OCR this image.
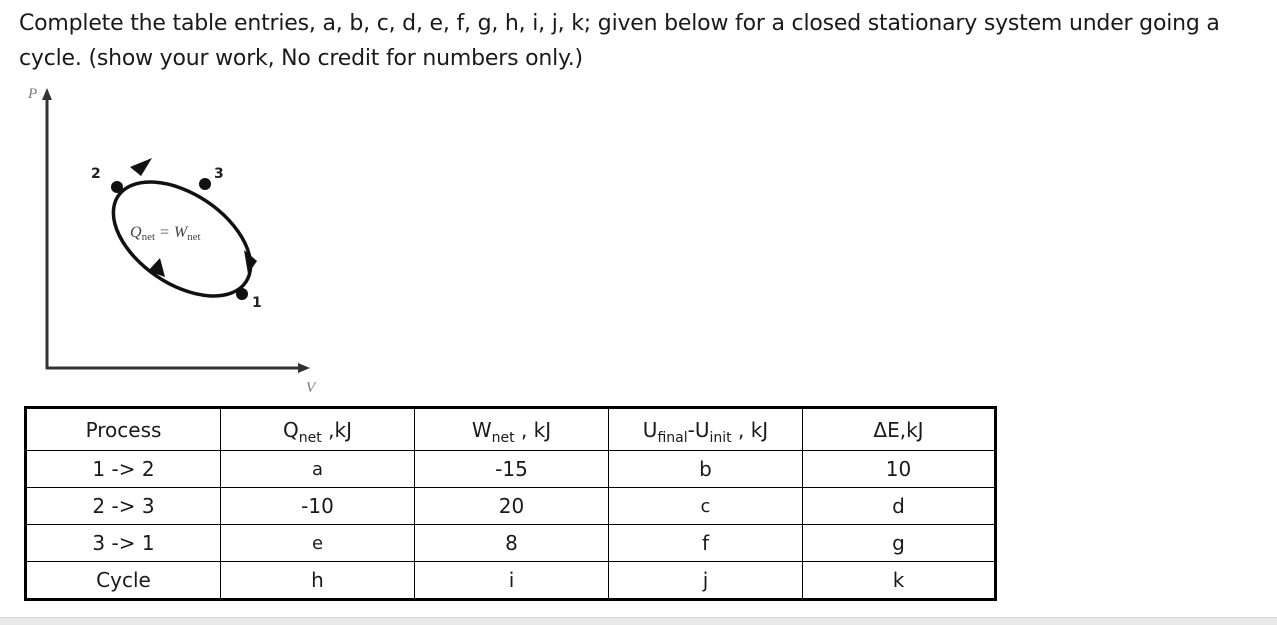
Complete the table entries, a, b, c, d, e, f, g, h, i, j, k; given below for a closed stationary system under going a cycle. (show your work, No credit for numbers only.)
P
V
2	3
1
Qnet = Wnet
Process	$Q_{net}$ ,kJ	$W_{net}$ , kJ	$U_{final}-U_{init}$ , kJ	ΔE,kJ
1 -> 2	a	-15	b	10
2 -> 3	-10	20	c	d
3 -> 1	e	8	f	g
Cycle	h	i	j	k
